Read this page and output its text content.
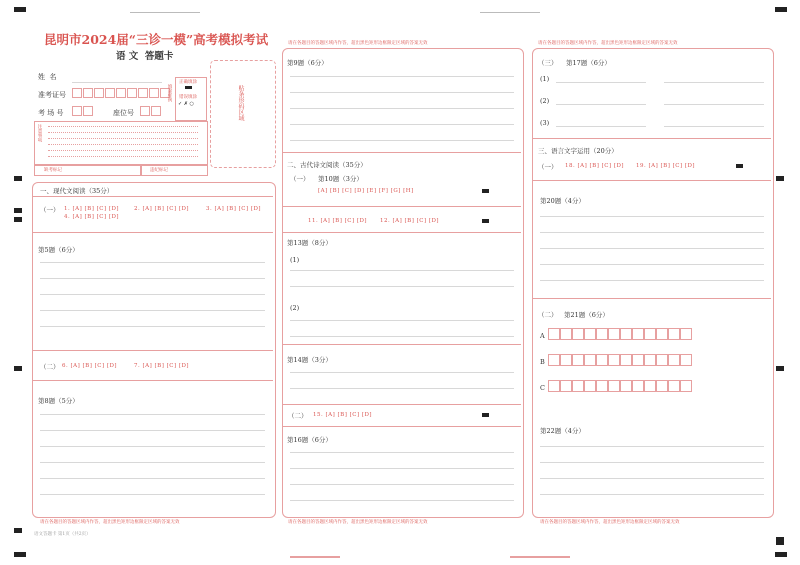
昆明市2024届“三诊一模”高考模拟考试
语 文  答题卡
姓  名
准考证号
考 场 号	座位号
填涂样例
正确填涂
错误填涂
✓ ✗ ○
注意事项
缺考标记	违纪标记
贴条形码区域
一、现代文阅读（35分）
（一） 1. [A] [B] [C] [D]	2. [A] [B] [C] [D]	3. [A] [B] [C] [D]
4. [A] [B] [C] [D]
第5题（6分）
（二） 6. [A] [B] [C] [D]	7. [A] [B] [C] [D]
第8题（5分）
请在各题目的答题区域内作答，超出黑色矩形边框限定区域的答案无效
语文答题卡 第1页（共2页）
请在各题目的答题区域内作答，超出黑色矩形边框限定区域的答案无效
第9题（6分）
二、古代诗文阅读（35分）
（一） 第10题（3分）
[A] [B] [C] [D] [E] [F] [G] [H]
11. [A] [B] [C] [D] 12. [A] [B] [C] [D]
第13题（8分）
(1)
(2)
第14题（3分）
（二） 15. [A] [B] [C] [D]
第16题（6分）
请在各题目的答题区域内作答，超出黑色矩形边框限定区域的答案无效
请在各题目的答题区域内作答，超出黑色矩形边框限定区域的答案无效
（三） 第17题（6分）
(1)
(2)
(3)
三、语言文字运用（20分）
（一） 18. [A] [B] [C] [D] 19. [A] [B] [C] [D]
第20题（4分）
（二） 第21题（6分）
A
B
C
第22题（4分）
请在各题目的答题区域内作答，超出黑色矩形边框限定区域的答案无效
